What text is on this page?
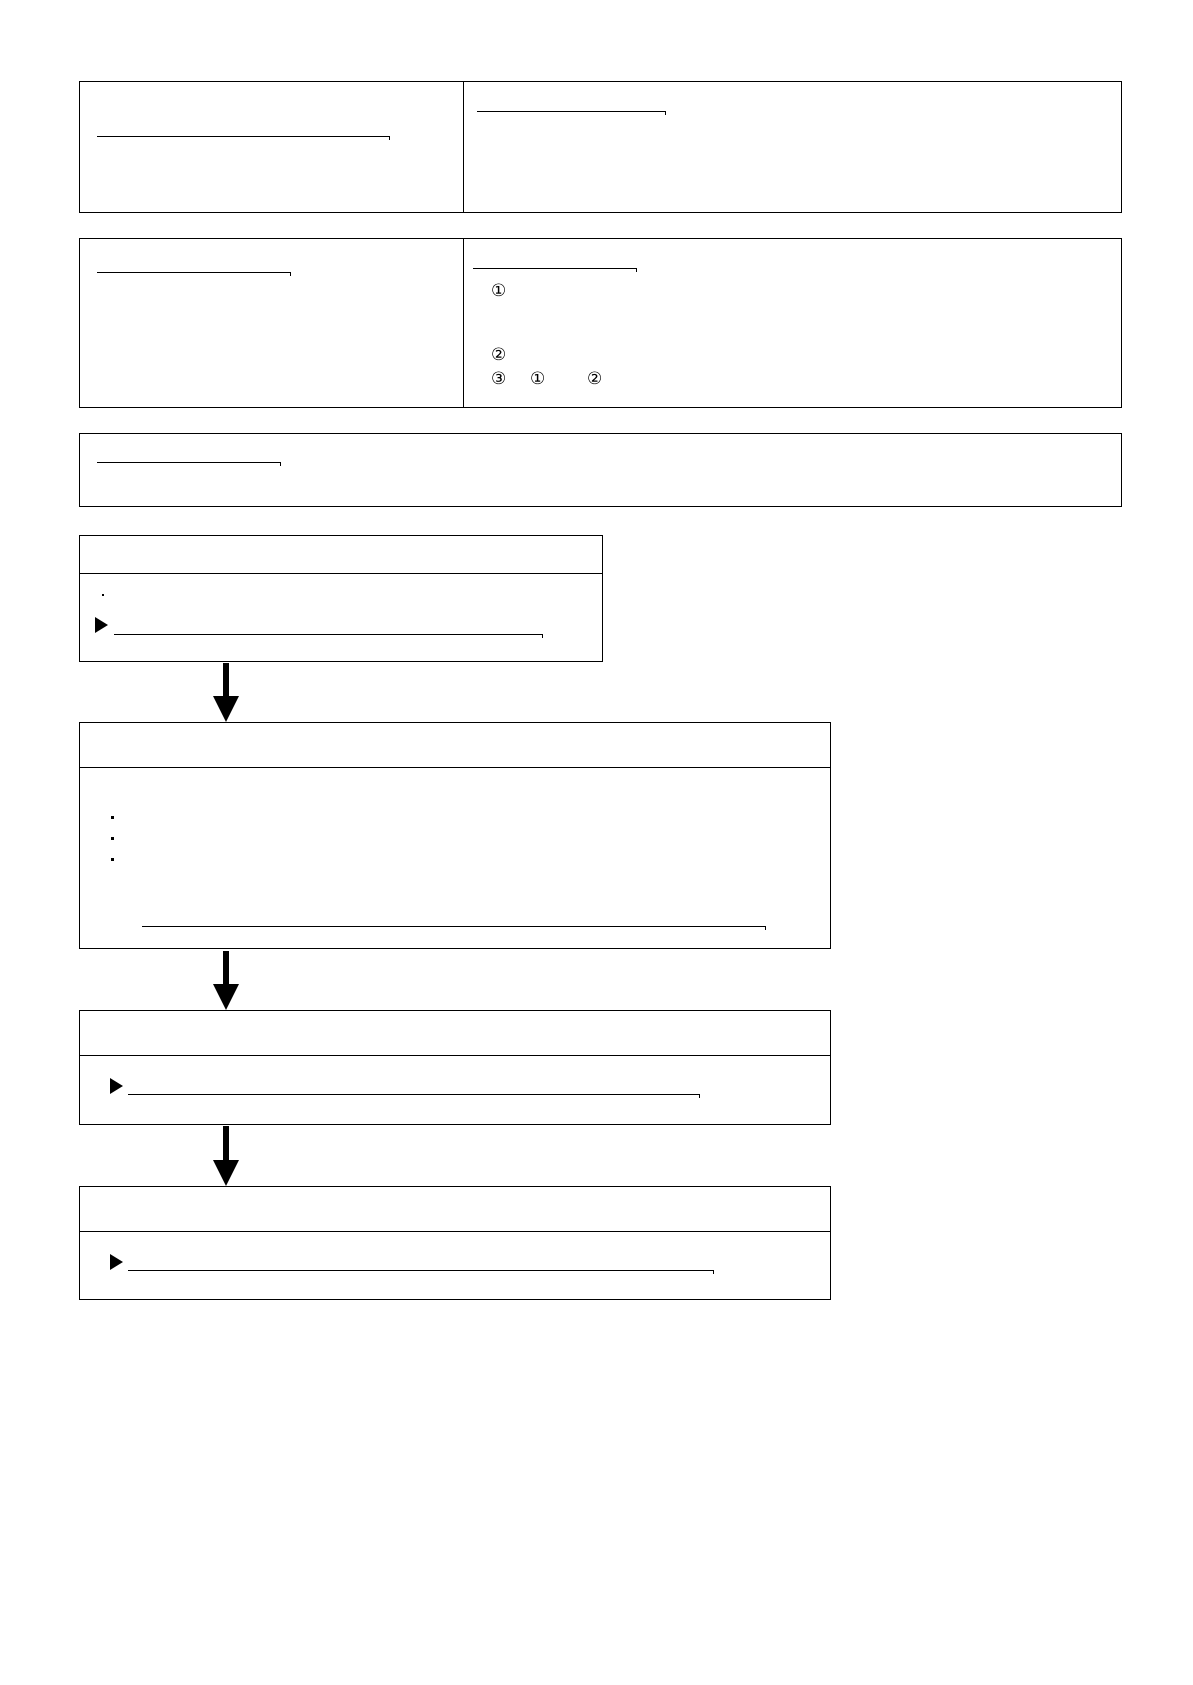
①
②
③ ① ②
